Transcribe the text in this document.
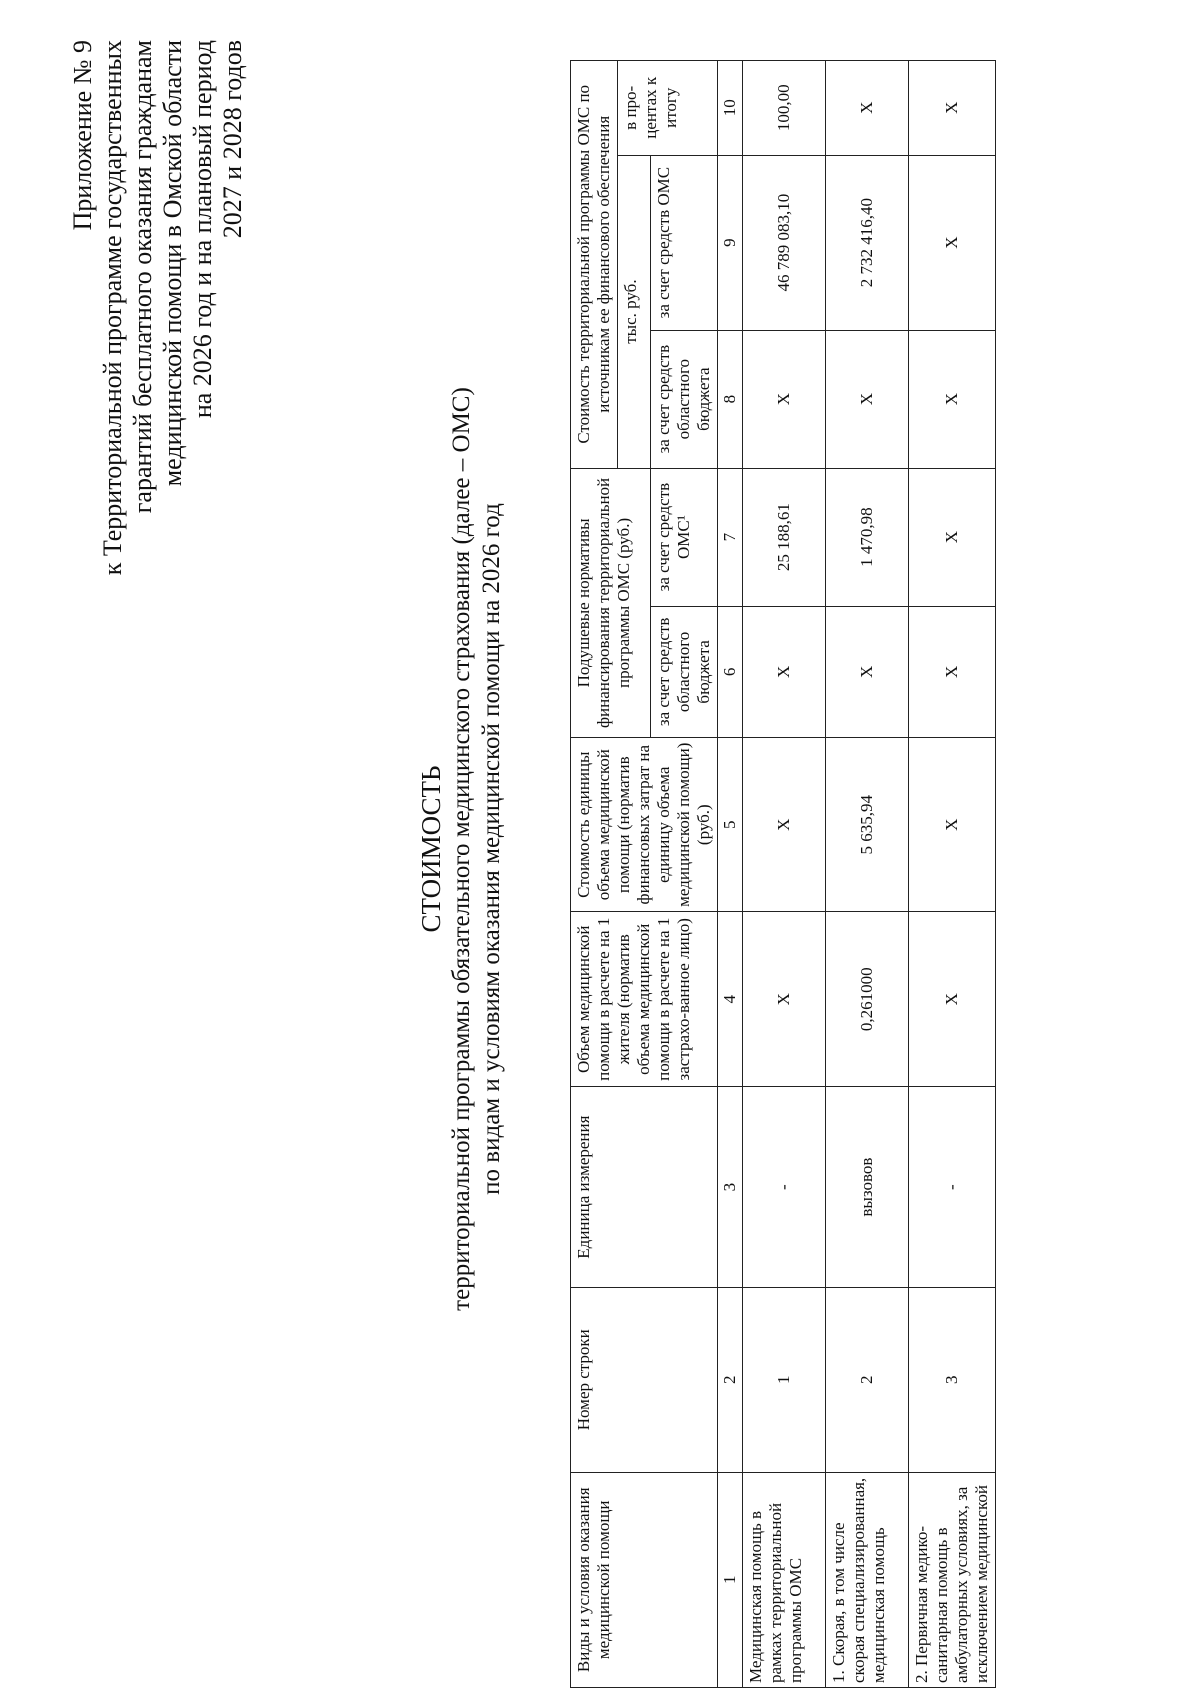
Приложение № 9 к Территориальной программе государственных гарантий бесплатного оказания гражданам медицинской помощи в Омской области на 2026 год и на плановый период 2027 и 2028 годов
СТОИМОСТЬ территориальной программы обязательного медицинского страхования (далее – ОМС) по видам и условиям оказания медицинской помощи на 2026 год
Виды и условия оказания медицинской помощи	Номер строки	Единица измерения	Объем медицинской помощи в расчете на 1 жителя (норматив объема медицинской помощи в расчете на 1 застрахо-ванное лицо)	Стоимость единицы объема медицинской помощи (норматив финансовых затрат на единицу объема медицинской помощи) (руб.)	Подушевые нормативы финансирования территориальной программы ОМС (руб.)		Стоимость территориальной программы ОМС по источникам ее финансового обеспечения		
							тыс. руб.		в про-центах к итогу
					за счет средств областного бюджета	за счет средств ОМС¹	за счет средств областного бюджета	за счет средств ОМС	
1	2	3	4	5	6	7	8	9	10
Медицинская помощь в рамках территориальной программы ОМС	1	-	Х	Х	Х	25 188,61	Х	46 789 083,10	100,00
1. Скорая, в том числе скорая специализированная, медицинская помощь	2	вызовов	0,261000	5 635,94	Х	1 470,98	Х	2 732 416,40	Х
2. Первичная медико-санитарная помощь в амбулаторных условиях, за исключением медицинской	3	-	Х	Х	Х	Х	Х	Х	Х
